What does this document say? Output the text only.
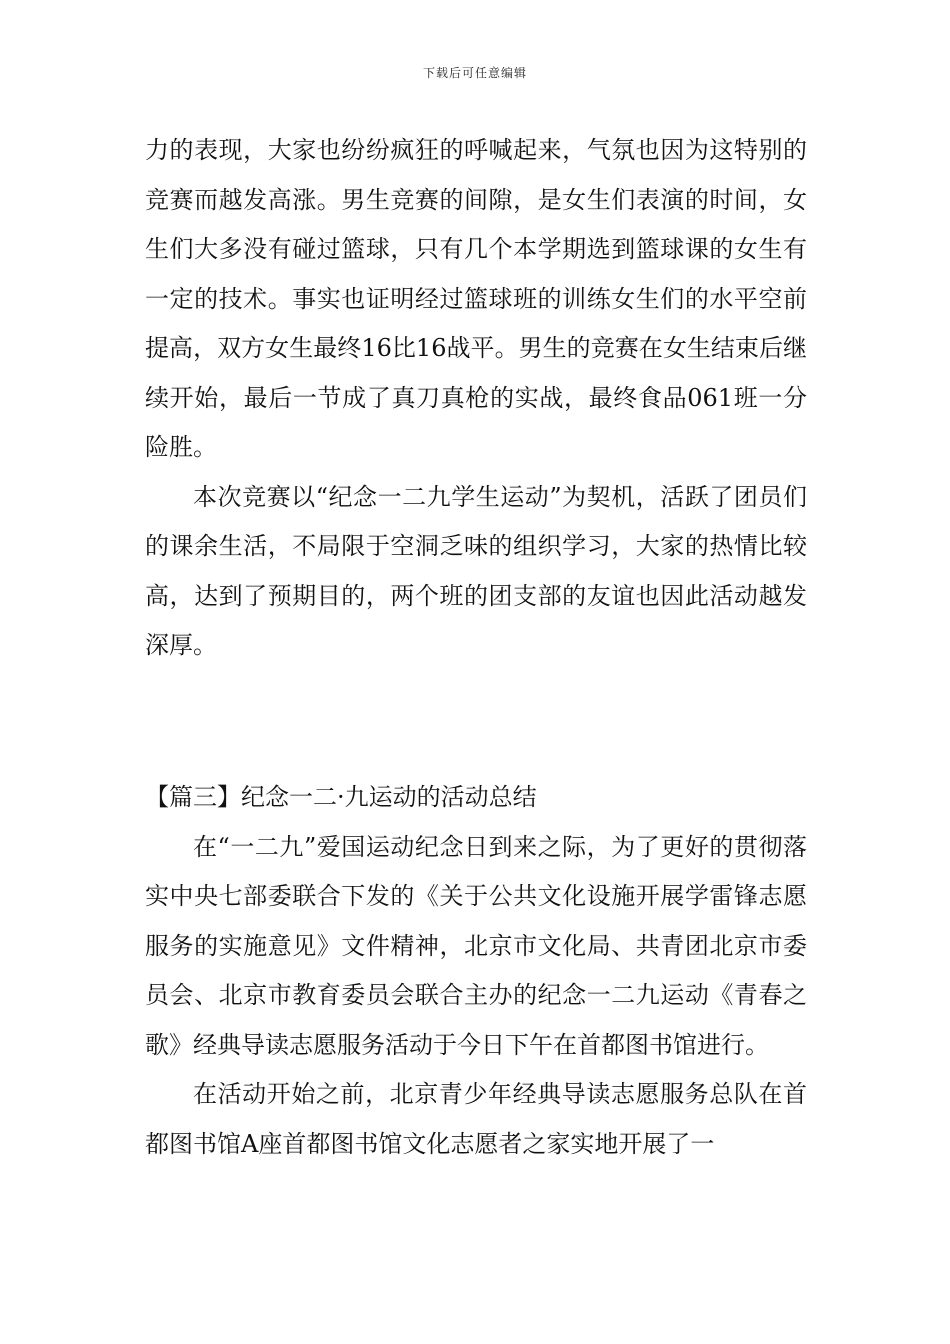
下载后可任意编辑

力的表现，大家也纷纷疯狂的呼喊起来，气氛也因为这特别的竞赛而越发高涨。男生竞赛的间隙，是女生们表演的时间，女生们大多没有碰过篮球，只有几个本学期选到篮球课的女生有一定的技术。事实也证明经过篮球班的训练女生们的水平空前提高，双方女生最终16比16战平。男生的竞赛在女生结束后继续开始，最后一节成了真刀真枪的实战，最终食品061班一分险胜。

本次竞赛以“纪念一二九学生运动”为契机，活跃了团员们的课余生活，不局限于空洞乏味的组织学习，大家的热情比较高，达到了预期目的，两个班的团支部的友谊也因此活动越发深厚。

【篇三】纪念一二·九运动的活动总结

在“一二九”爱国运动纪念日到来之际，为了更好的贯彻落实中央七部委联合下发的《关于公共文化设施开展学雷锋志愿服务的实施意见》文件精神，北京市文化局、共青团北京市委员会、北京市教育委员会联合主办的纪念一二九运动《青春之歌》经典导读志愿服务活动于今日下午在首都图书馆进行。

在活动开始之前，北京青少年经典导读志愿服务总队在首都图书馆A座首都图书馆文化志愿者之家实地开展了一
